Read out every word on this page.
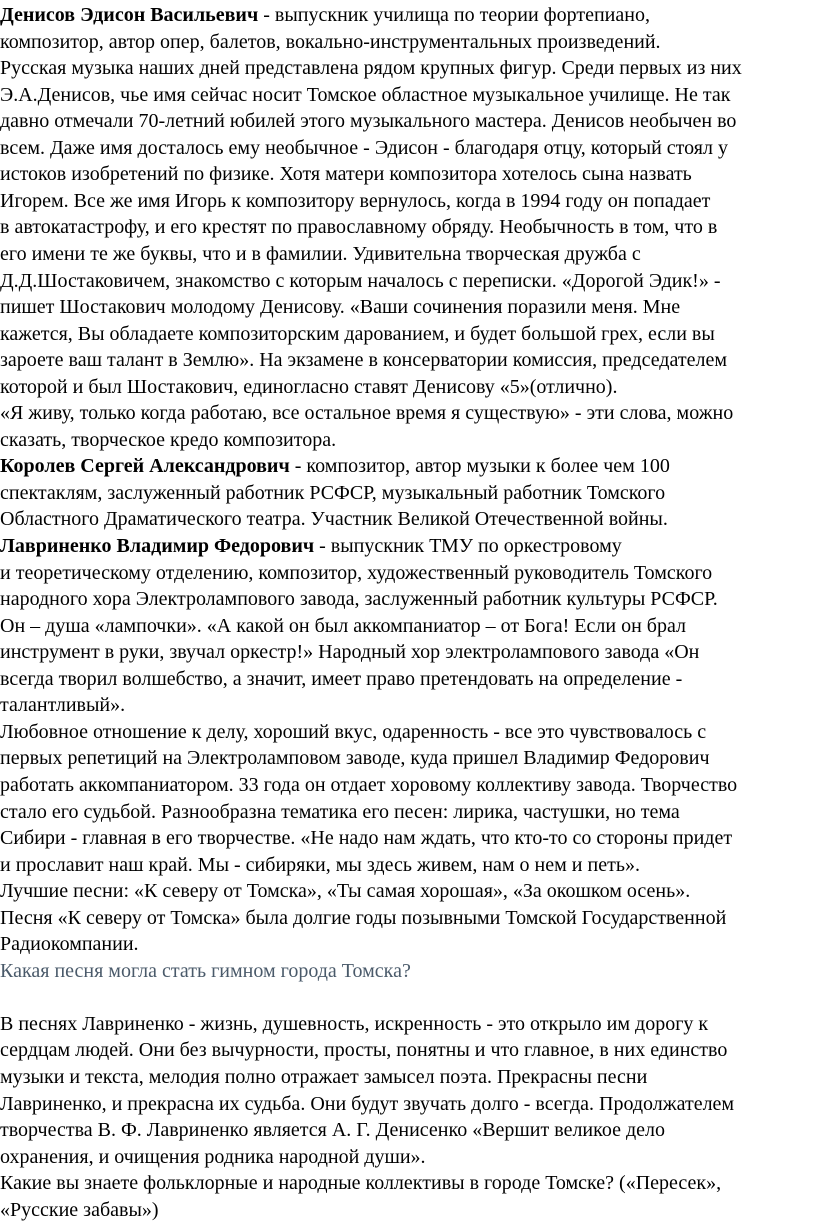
Денисов Эдисон Васильевич - выпускник училища по теории фортепиано,
композитор, автор опер, балетов, вокально-инструментальных произведений.
Русская музыка наших дней представлена рядом крупных фигур. Среди первых из них
Э.А.Денисов, чье имя сейчас носит Томское областное музыкальное училище. Не так
давно отмечали 70-летний юбилей этого музыкального мастера. Денисов необычен во
всем. Даже имя досталось ему необычное - Эдисон - благодаря отцу, который стоял у
истоков изобретений по физике. Хотя матери композитора хотелось сына назвать
Игорем. Все же имя Игорь к композитору вернулось, когда в 1994 году он попадает
в автокатастрофу, и его крестят по православному обряду. Необычность в том, что в
его имени те же буквы, что и в фамилии. Удивительна творческая дружба с
Д.Д.Шостаковичем, знакомство с которым началось с переписки. «Дорогой Эдик!» -
пишет Шостакович молодому Денисову. «Ваши сочинения поразили меня. Мне
кажется, Вы обладаете композиторским дарованием, и будет большой грех, если вы
зароете ваш талант в Землю». На экзамене в консерватории комиссия, председателем
которой и был Шостакович, единогласно ставят Денисову «5»(отлично).
«Я живу, только когда работаю, все остальное время я существую» - эти слова, можно
сказать, творческое кредо композитора.
Королев Сергей Александрович - композитор, автор музыки к более чем 100
спектаклям, заслуженный работник РСФСР, музыкальный работник Томского
Областного Драматического театра. Участник Великой Отечественной войны.
Лавриненко Владимир Федорович - выпускник ТМУ по оркестровому
и теоретическому отделению, композитор, художественный руководитель Томского
народного хора Электролампового завода, заслуженный работник культуры РСФСР.
Он – душа «лампочки». «А какой он был аккомпаниатор – от Бога! Если он брал
инструмент в руки, звучал оркестр!» Народный хор электролампового завода «Он
всегда творил волшебство, а значит, имеет право претендовать на определение -
талантливый».
Любовное отношение к делу, хороший вкус, одаренность - все это чувствовалось с
первых репетиций на Электроламповом заводе, куда пришел Владимир Федорович
работать аккомпаниатором. 33 года он отдает хоровому коллективу завода. Творчество
стало его судьбой. Разнообразна тематика его песен: лирика, частушки, но тема
Сибири - главная в его творчестве. «Не надо нам ждать, что кто-то со стороны придет
и прославит наш край. Мы - сибиряки, мы здесь живем, нам о нем и петь».
Лучшие песни: «К северу от Томска», «Ты самая хорошая», «За окошком осень».
Песня «К северу от Томска» была долгие годы позывными Томской Государственной
Радиокомпании.
Какая песня могла стать гимном города Томска?
В песнях Лавриненко - жизнь, душевность, искренность - это открыло им дорогу к
сердцам людей. Они без вычурности, просты, понятны и что главное, в них единство
музыки и текста, мелодия полно отражает замысел поэта. Прекрасны песни
Лавриненко, и прекрасна их судьба. Они будут звучать долго - всегда. Продолжателем
творчества В. Ф. Лавриненко является А. Г. Денисенко «Вершит великое дело
охранения, и очищения родника народной души».
Какие вы знаете фольклорные и народные коллективы в городе Томске? («Пересек»,
«Русские забавы»)
